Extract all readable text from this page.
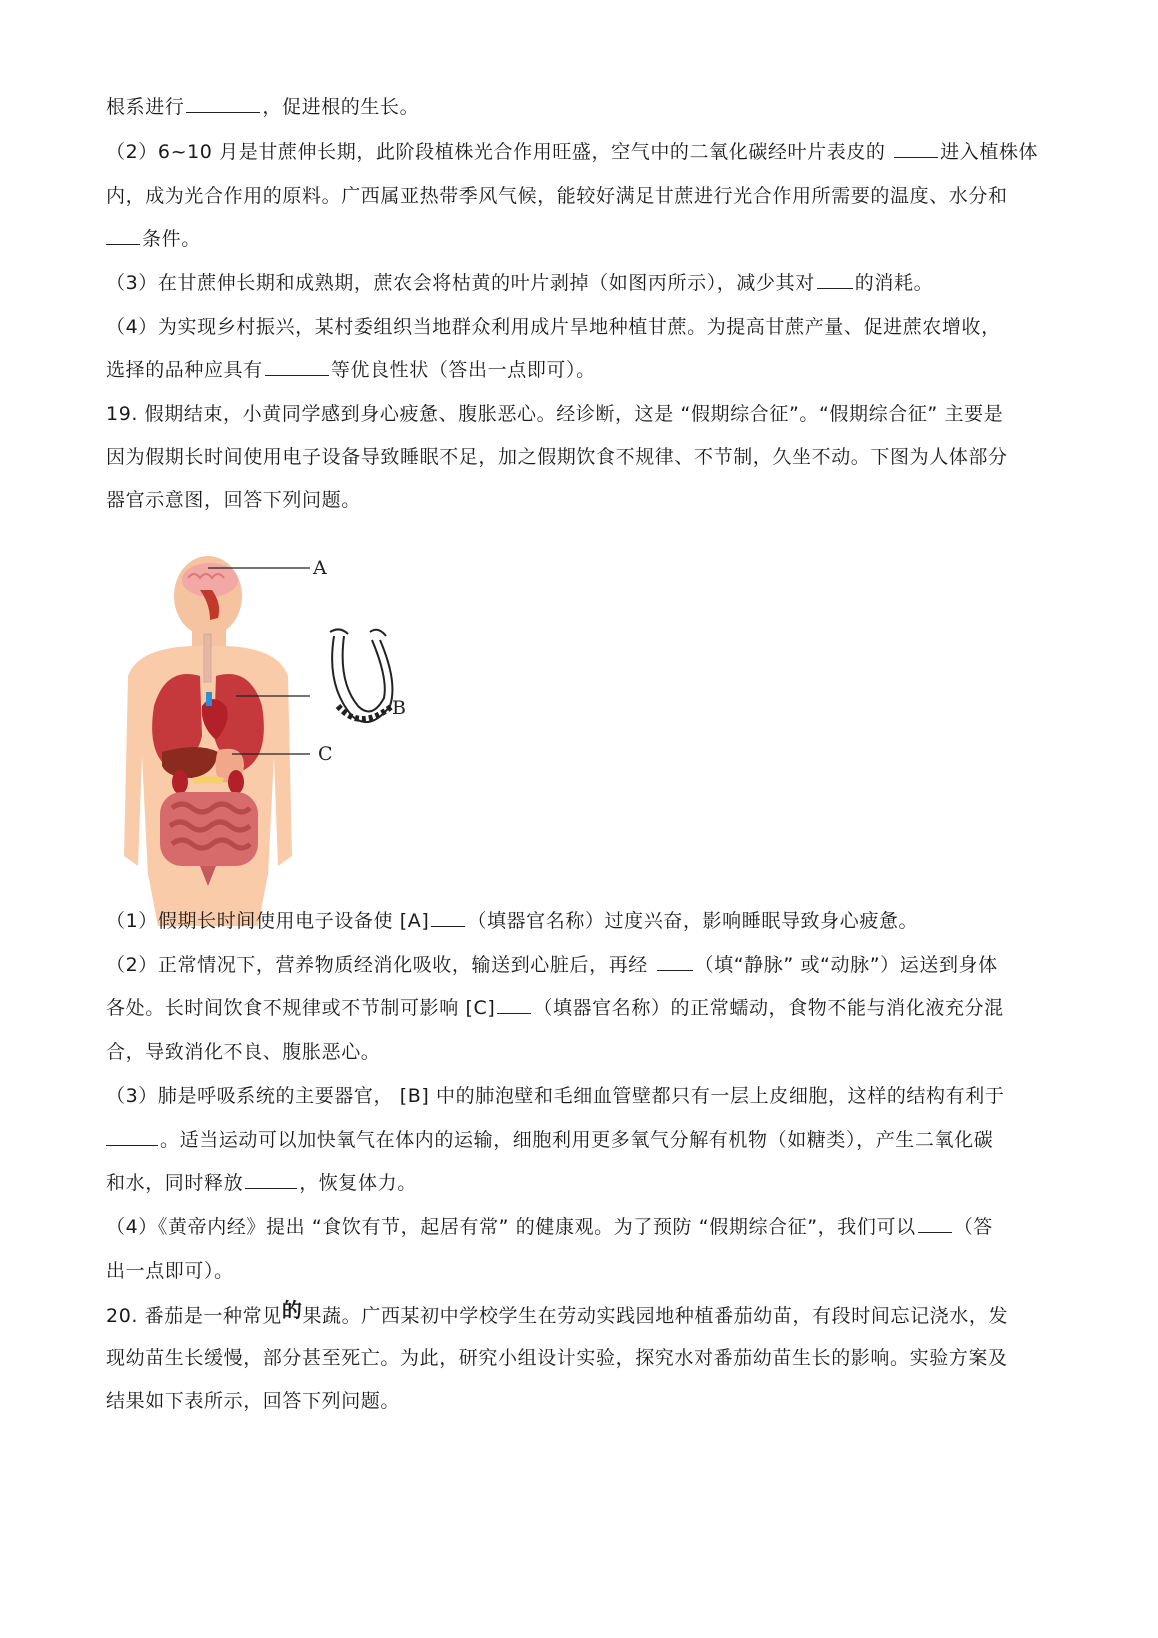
根系进行	，促进根的生长。
（2）6~10 月是甘蔗伸长期，此阶段植株光合作用旺盛，空气中的二氧化碳经叶片表皮的	进入植株体
内，成为光合作用的原料。广西属亚热带季风气候，能较好满足甘蔗进行光合作用所需要的温度、水分和
条件。
（3）在甘蔗伸长期和成熟期，蔗农会将枯黄的叶片剥掉（如图丙所示），减少其对 的消耗。
（4）为实现乡村振兴，某村委组织当地群众利用成片旱地种植甘蔗。为提高甘蔗产量、促进蔗农增收，
选择的品种应具有	等优良性状（答出一点即可）。
19. 假期结束，小黄同学感到身心疲惫、腹胀恶心。经诊断，这是 “假期综合征”。“假期综合征” 主要是
因为假期长时间使用电子设备导致睡眠不足，加之假期饮食不规律、不节制，久坐不动。下图为人体部分
器官示意图，回答下列问题。
A
B
C
（1）假期长时间使用电子设备使 [A] （填器官名称）过度兴奋，影响睡眠导致身心疲惫。
（2）正常情况下，营养物质经消化吸收，输送到心脏后，再经 （填“静脉” 或“动脉”）运送到身体
各处。长时间饮食不规律或不节制可影响 [C] （填器官名称）的正常蠕动，食物不能与消化液充分混
合，导致消化不良、腹胀恶心。
（3）肺是呼吸系统的主要器官， [B] 中的肺泡壁和毛细血管壁都只有一层上皮细胞，这样的结构有利于
。适当运动可以加快氧气在体内的运输，细胞利用更多氧气分解有机物（如糖类），产生二氧化碳
和水，同时释放	，恢复体力。
（4）《黄帝内经》提出 “食饮有节，起居有常” 的健康观。为了预防 “假期综合征”，我们可以 （答
出一点即可）。
20. 番茄是一种常见的果蔬。广西某初中学校学生在劳动实践园地种植番茄幼苗，有段时间忘记浇水，发
现幼苗生长缓慢，部分甚至死亡。为此，研究小组设计实验，探究水对番茄幼苗生长的影响。实验方案及
结果如下表所示，回答下列问题。
